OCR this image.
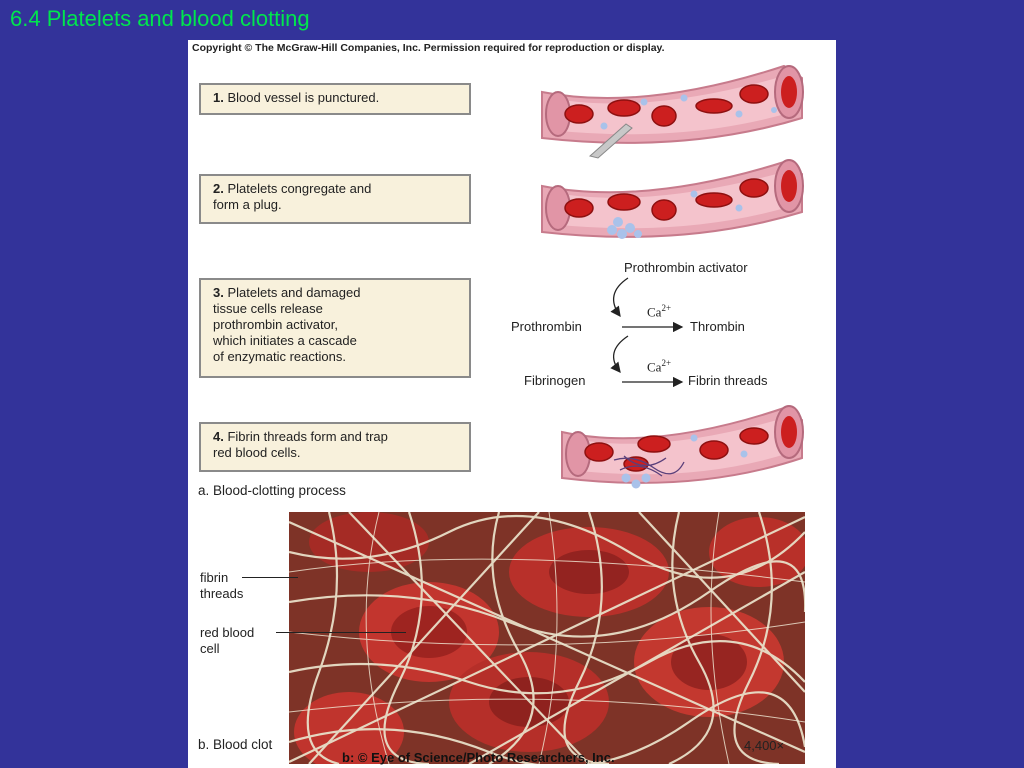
6.4 Platelets and blood clotting
Copyright © The McGraw-Hill Companies, Inc. Permission required for reproduction or display.
1. Blood vessel is punctured.
2. Platelets congregate and
form a plug.
3. Platelets and damaged
tissue cells release
prothrombin activator,
which initiates a cascade
of enzymatic reactions.
4. Fibrin threads form and trap
red blood cells.
Prothrombin activator
$Ca^{2+}$
Prothrombin	Thrombin
$Ca^{2+}$
Fibrinogen	Fibrin threads
a. Blood-clotting process
fibrin
threads
red blood
cell
b. Blood clot	4,400×
b: © Eye of Science/Photo Researchers, Inc.
